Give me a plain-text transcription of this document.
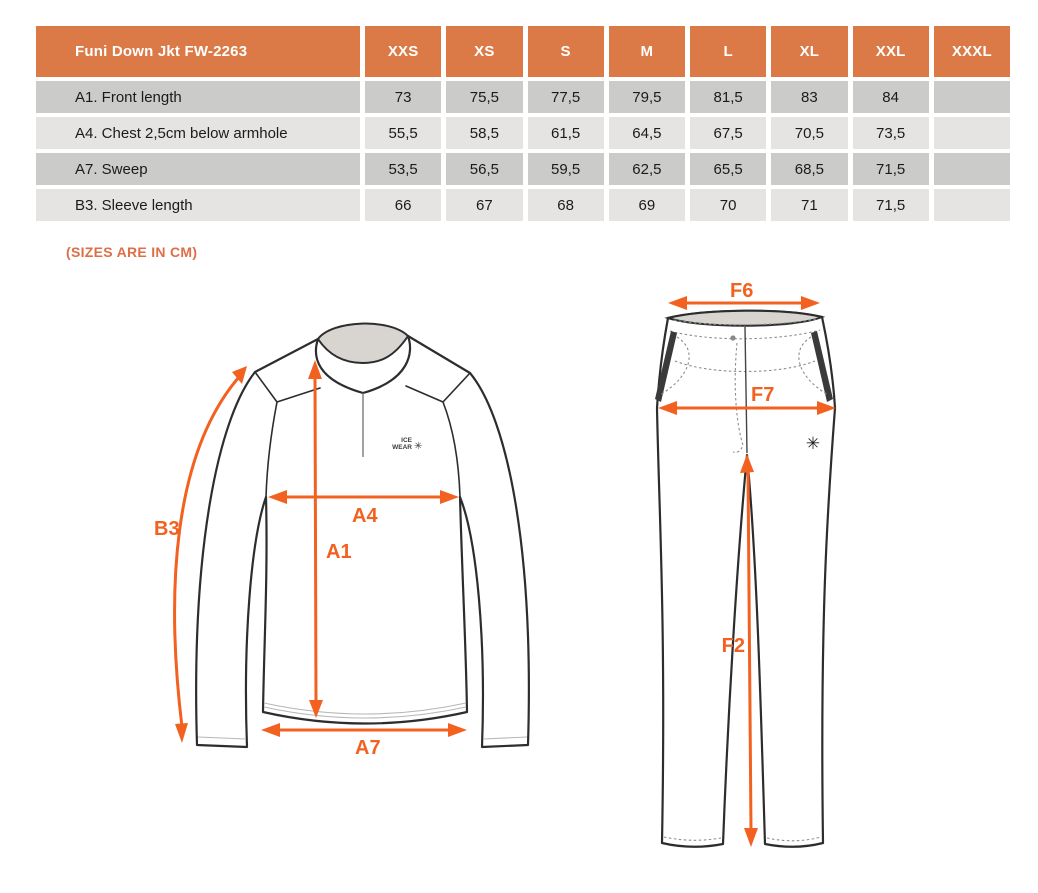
Funi Down Jkt FW-2263	XXS	XS	S	M	L	XL	XXL	XXXL
A1. Front length	73	75,5	77,5	79,5	81,5	83	84
A4. Chest 2,5cm below armhole	55,5	58,5	61,5	64,5	67,5	70,5	73,5
A7. Sweep	53,5	56,5	59,5	62,5	65,5	68,5	71,5
B3. Sleeve length	66	67	68	69	70	71	71,5
(SIZES ARE IN CM)
ICE
WEAR ✳
B3
A1
A4
A7
✳
F6
F7
F2
